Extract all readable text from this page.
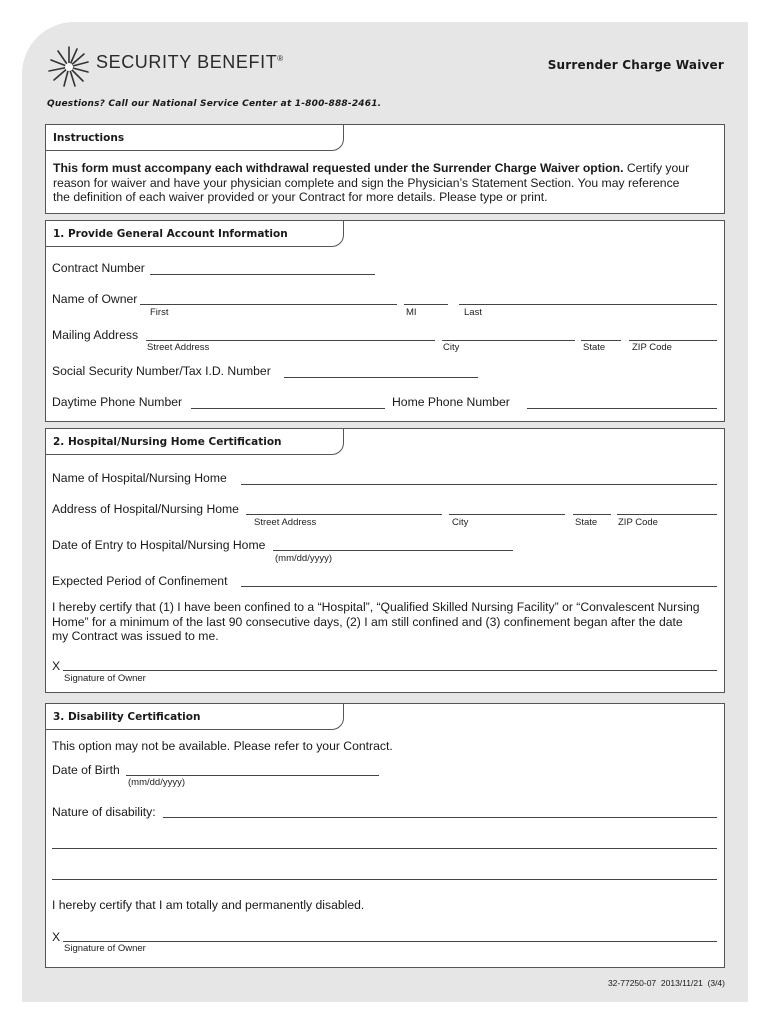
SECURITY BENEFIT®	Surrender Charge Waiver
Questions? Call our National Service Center at 1-800-888-2461.
Instructions
This form must accompany each withdrawal requested under the Surrender Charge Waiver option. Certify your
reason for waiver and have your physician complete and sign the Physician’s Statement Section. You may reference
the definition of each waiver provided or your Contract for more details. Please type or print.
1. Provide General Account Information
Contract Number
Name of Owner
First	MI	Last
Mailing Address
Street Address	City	State	ZIP Code
Social Security Number/Tax I.D. Number
Daytime Phone Number	Home Phone Number
2. Hospital/Nursing Home Certification
Name of Hospital/Nursing Home
Address of Hospital/Nursing Home
Street Address	City	State ZIP Code
Date of Entry to Hospital/Nursing Home
(mm/dd/yyyy)
Expected Period of Confinement
I hereby certify that (1) I have been confined to a “Hospital”, “Qualified Skilled Nursing Facility” or “Convalescent Nursing
Home” for a minimum of the last 90 consecutive days, (2) I am still confined and (3) confinement began after the date
my Contract was issued to me.
X
Signature of Owner
3. Disability Certification
This option may not be available. Please refer to your Contract.
Date of Birth
(mm/dd/yyyy)
Nature of disability:
I hereby certify that I am totally and permanently disabled.
X
Signature of Owner
32-77250-07  2013/11/21  (3/4)
